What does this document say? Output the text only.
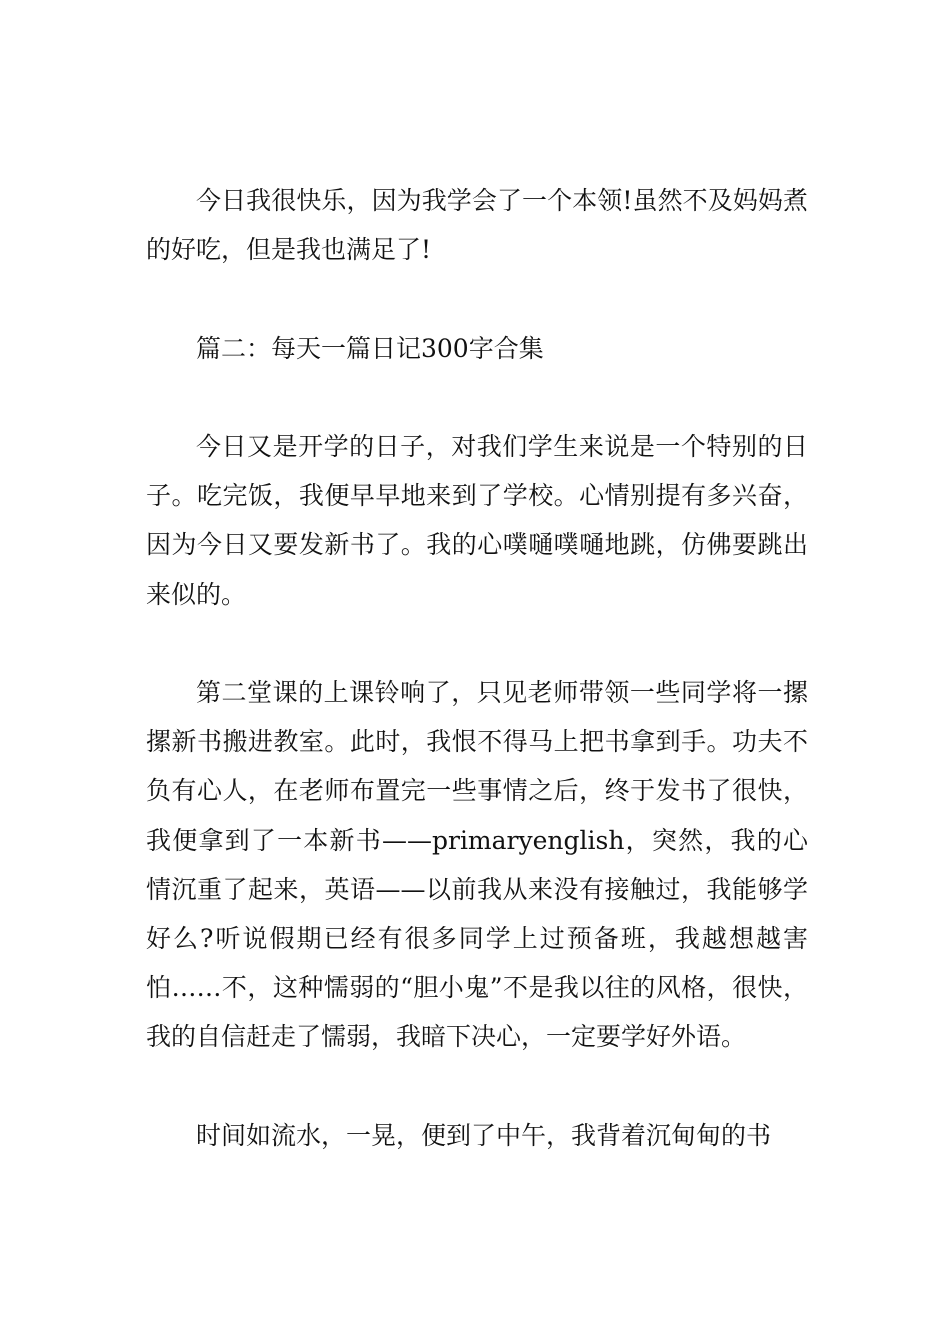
今日我很快乐，因为我学会了一个本领!虽然不及妈妈煮的好吃，但是我也满足了!

篇二：每天一篇日记300字合集

今日又是开学的日子，对我们学生来说是一个特别的日子。吃完饭，我便早早地来到了学校。心情别提有多兴奋，因为今日又要发新书了。我的心噗嗵噗嗵地跳，仿佛要跳出来似的。

第二堂课的上课铃响了，只见老师带领一些同学将一摞摞新书搬进教室。此时，我恨不得马上把书拿到手。功夫不负有心人，在老师布置完一些事情之后，终于发书了很快，我便拿到了一本新书——primaryenglish，突然，我的心情沉重了起来，英语——以前我从来没有接触过，我能够学好么?听说假期已经有很多同学上过预备班，我越想越害怕……不，这种懦弱的“胆小鬼”不是我以往的风格，很快，我的自信赶走了懦弱，我暗下决心，一定要学好外语。

时间如流水，一晃，便到了中午，我背着沉甸甸的书
